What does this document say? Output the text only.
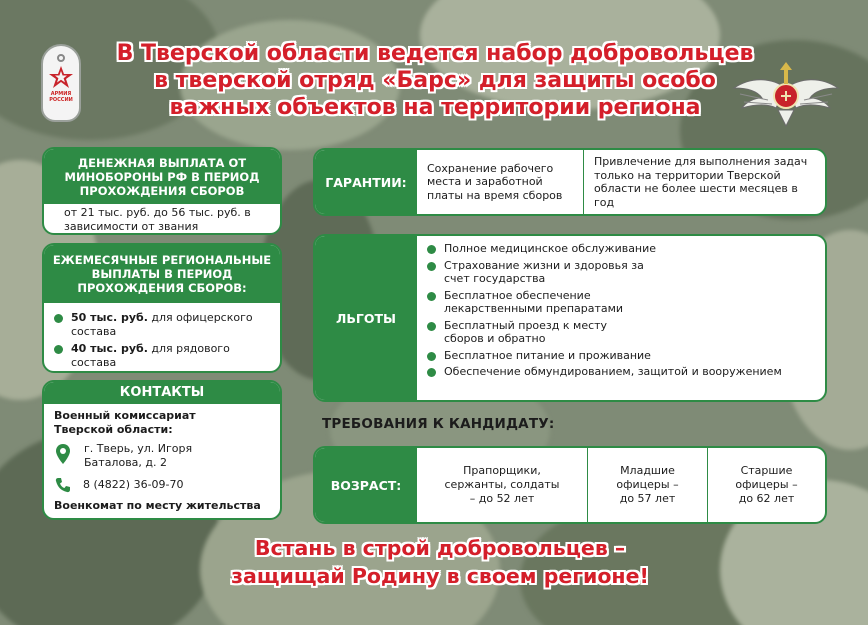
АРМИЯ РОССИИ
В Тверской области ведется набор добровольцев
в тверской отряд «Барс» для защиты особо
важных объектов на территории региона
ДЕНЕЖНАЯ ВЫПЛАТА ОТ МИНОБОРОНЫ РФ В ПЕРИОД ПРОХОЖДЕНИЯ СБОРОВ
от 21 тыс. руб. до 56 тыс. руб. в зависимости от звания
ЕЖЕМЕСЯЧНЫЕ РЕГИОНАЛЬНЫЕ ВЫПЛАТЫ В ПЕРИОД ПРОХОЖДЕНИЯ СБОРОВ:
50 тыс. руб. для офицерского состава
40 тыс. руб. для рядового состава
КОНТАКТЫ
Военный комиссариат Тверской области:
г. Тверь, ул. Игоря Баталова, д. 2
8 (4822) 36-09-70
Военкомат по месту жительства
ГАРАНТИИ:
Сохранение рабочего места и заработной платы на время сборов
Привлечение для выполнения задач только на территории Тверской области не более шести месяцев в год
ЛЬГОТЫ
Полное медицинское обслуживание
Страхование жизни и здоровья за счет государства
Бесплатное обеспечение лекарственными препаратами
Бесплатный проезд к месту сборов и обратно
Бесплатное питание и проживание
Обеспечение обмундированием, защитой и вооружением
ТРЕБОВАНИЯ К КАНДИДАТУ:
ВОЗРАСТ:
Прапорщики, сержанты, солдаты – до 52 лет
Младшие офицеры – до 57 лет
Старшие офицеры – до 62 лет
Встань в строй добровольцев –
защищай Родину в своем регионе!
